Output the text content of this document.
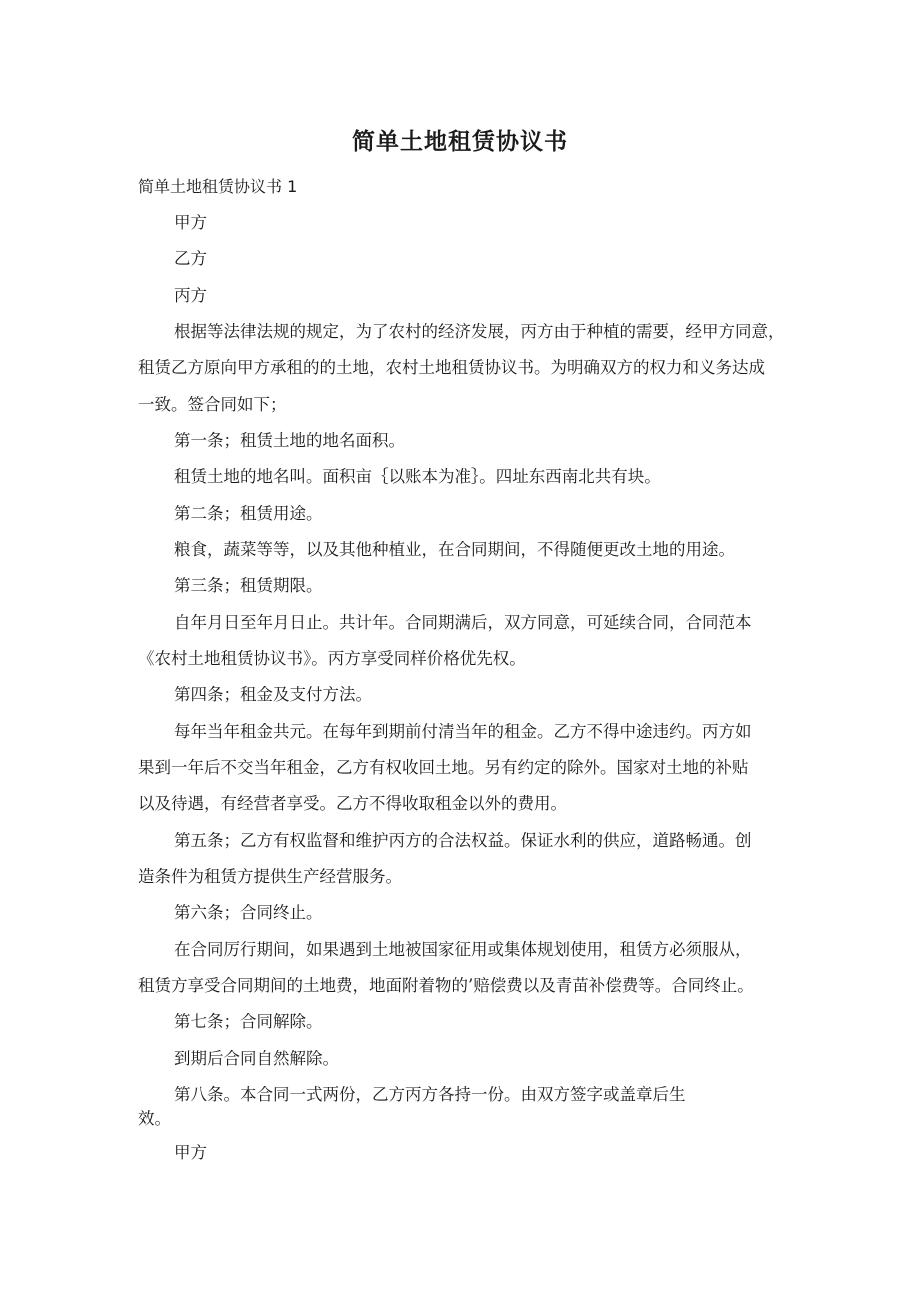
简单土地租赁协议书

简单土地租赁协议书 1

甲方

乙方

丙方

根据等法律法规的规定，为了农村的经济发展，丙方由于种植的需要，经甲方同意，

租赁乙方原向甲方承租的的土地，农村土地租赁协议书。为明确双方的权力和义务达成

一致。签合同如下；

第一条；租赁土地的地名面积。

租赁土地的地名叫。面积亩｛以账本为准｝。四址东西南北共有块。

第二条；租赁用途。

粮食，蔬菜等等，以及其他种植业，在合同期间，不得随便更改土地的用途。

第三条；租赁期限。

自年月日至年月日止。共计年。合同期满后，双方同意，可延续合同，合同范本

《农村土地租赁协议书》。丙方享受同样价格优先权。

第四条；租金及支付方法。

每年当年租金共元。在每年到期前付清当年的租金。乙方不得中途违约。丙方如

果到一年后不交当年租金，乙方有权收回土地。另有约定的除外。国家对土地的补贴

以及待遇，有经营者享受。乙方不得收取租金以外的费用。

第五条；乙方有权监督和维护丙方的合法权益。保证水利的供应，道路畅通。创

造条件为租赁方提供生产经营服务。

第六条；合同终止。

在合同厉行期间，如果遇到土地被国家征用或集体规划使用，租赁方必须服从，

租赁方享受合同期间的土地费，地面附着物的’赔偿费以及青苗补偿费等。合同终止。

第七条；合同解除。

到期后合同自然解除。

第八条。本合同一式两份，乙方丙方各持一份。由双方签字或盖章后生

效。

甲方
